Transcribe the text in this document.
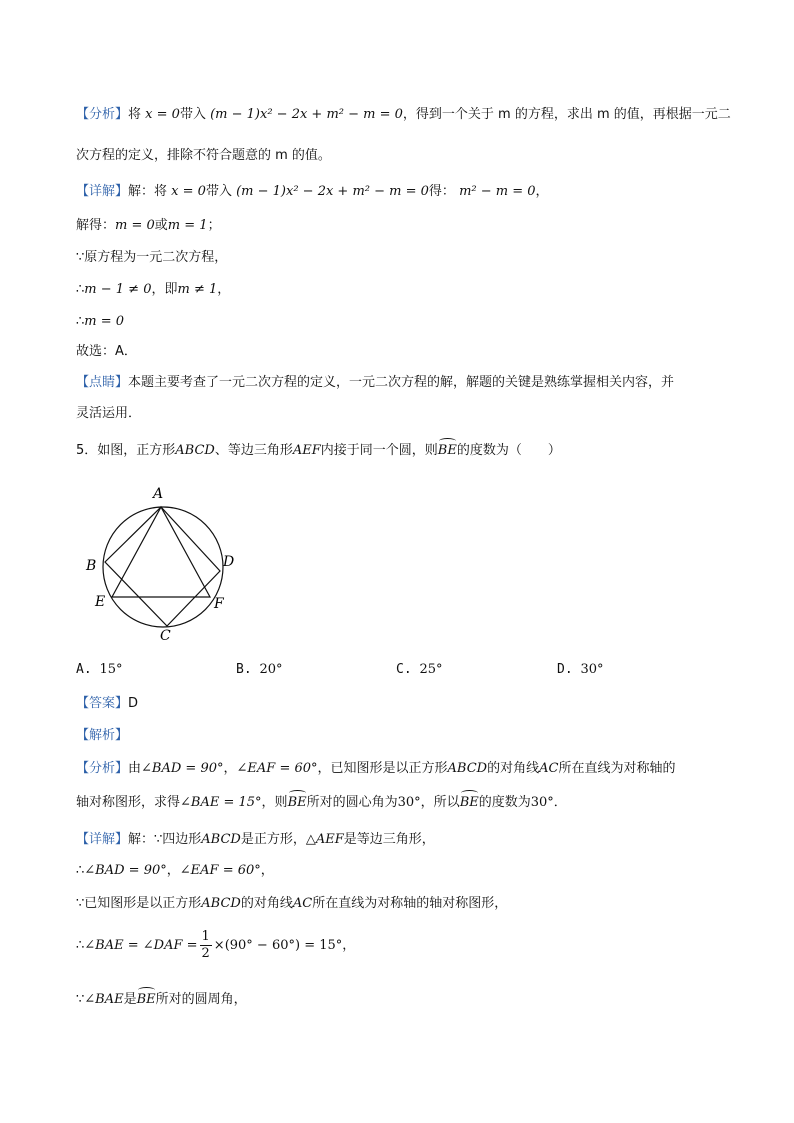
【分析】将 x = 0带入 (m − 1)x² − 2x + m² − m = 0，得到一个关于 m 的方程，求出 m 的值，再根据一元二
次方程的定义，排除不符合题意的 m 的值。
【详解】解：将 x = 0带入 (m − 1)x² − 2x + m² − m = 0得： m² − m = 0，
解得：m = 0或m = 1；
∵原方程为一元二次方程，
∴m − 1 ≠ 0，即m ≠ 1，
∴m = 0
故选：A．
【点睛】本题主要考查了一元二次方程的定义，一元二次方程的解，解题的关键是熟练掌握相关内容，并
灵活运用．
5．如图，正方形ABCD、等边三角形AEF内接于同一个圆，则BE的度数为（　　）
A
B
C
D
E	F
A. 15°	B. 20°	C. 25°	D. 30°
【答案】D
【解析】
【分析】由∠BAD = 90°，∠EAF = 60°，已知图形是以正方形ABCD的对角线AC所在直线为对称轴的
轴对称图形，求得∠BAE = 15°，则BE所对的圆心角为30°，所以BE的度数为30°．
【详解】解：∵四边形ABCD是正方形，△AEF是等边三角形，
∴∠BAD = 90°，∠EAF = 60°，
∵已知图形是以正方形ABCD的对角线AC所在直线为对称轴的轴对称图形，
∴∠BAE = ∠DAF = $\frac{1}{2} \times(90^\circ - 60^\circ) = 15^\circ$，
∵∠BAE是BE所对的圆周角，
